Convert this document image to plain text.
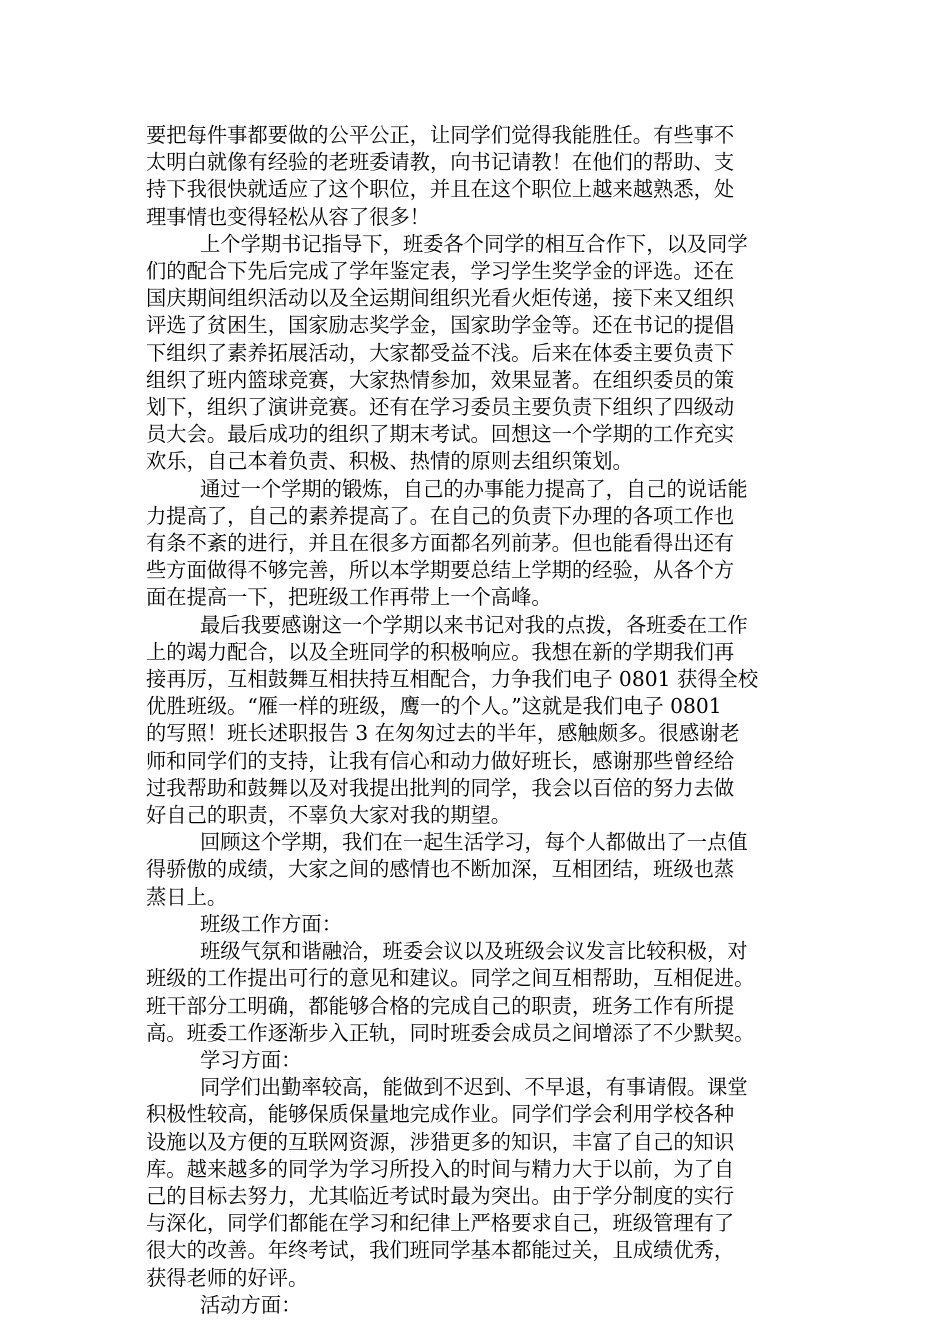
要把每件事都要做的公平公正，让同学们觉得我能胜任。有些事不
太明白就像有经验的老班委请教，向书记请教！在他们的帮助、支
持下我很快就适应了这个职位，并且在这个职位上越来越熟悉，处
理事情也变得轻松从容了很多！
上个学期书记指导下，班委各个同学的相互合作下，以及同学
们的配合下先后完成了学年鉴定表，学习学生奖学金的评选。还在
国庆期间组织活动以及全运期间组织光看火炬传递，接下来又组织
评选了贫困生，国家励志奖学金，国家助学金等。还在书记的提倡
下组织了素养拓展活动，大家都受益不浅。后来在体委主要负责下
组织了班内篮球竞赛，大家热情参加，效果显著。在组织委员的策
划下，组织了演讲竞赛。还有在学习委员主要负责下组织了四级动
员大会。最后成功的组织了期末考试。回想这一个学期的工作充实
欢乐，自己本着负责、积极、热情的原则去组织策划。
通过一个学期的锻炼，自己的办事能力提高了，自己的说话能
力提高了，自己的素养提高了。在自己的负责下办理的各项工作也
有条不紊的进行，并且在很多方面都名列前茅。但也能看得出还有
些方面做得不够完善，所以本学期要总结上学期的经验，从各个方
面在提高一下，把班级工作再带上一个高峰。
最后我要感谢这一个学期以来书记对我的点拨，各班委在工作
上的竭力配合，以及全班同学的积极响应。我想在新的学期我们再
接再厉，互相鼓舞互相扶持互相配合，力争我们电子 0801 获得全校
优胜班级。“雁一样的班级，鹰一的个人。”这就是我们电子 0801
的写照！班长述职报告 3 在匆匆过去的半年，感触颇多。很感谢老
师和同学们的支持，让我有信心和动力做好班长，感谢那些曾经给
过我帮助和鼓舞以及对我提出批判的同学，我会以百倍的努力去做
好自己的职责，不辜负大家对我的期望。
回顾这个学期，我们在一起生活学习，每个人都做出了一点值
得骄傲的成绩，大家之间的感情也不断加深，互相团结，班级也蒸
蒸日上。
班级工作方面：
班级气氛和谐融洽，班委会议以及班级会议发言比较积极，对
班级的工作提出可行的意见和建议。同学之间互相帮助，互相促进。
班干部分工明确，都能够合格的完成自己的职责，班务工作有所提
高。班委工作逐渐步入正轨，同时班委会成员之间增添了不少默契。
学习方面：
同学们出勤率较高，能做到不迟到、不早退，有事请假。课堂
积极性较高，能够保质保量地完成作业。同学们学会利用学校各种
设施以及方便的互联网资源，涉猎更多的知识，丰富了自己的知识
库。越来越多的同学为学习所投入的时间与精力大于以前，为了自
己的目标去努力，尤其临近考试时最为突出。由于学分制度的实行
与深化，同学们都能在学习和纪律上严格要求自己，班级管理有了
很大的改善。年终考试，我们班同学基本都能过关，且成绩优秀，
获得老师的好评。
活动方面：
